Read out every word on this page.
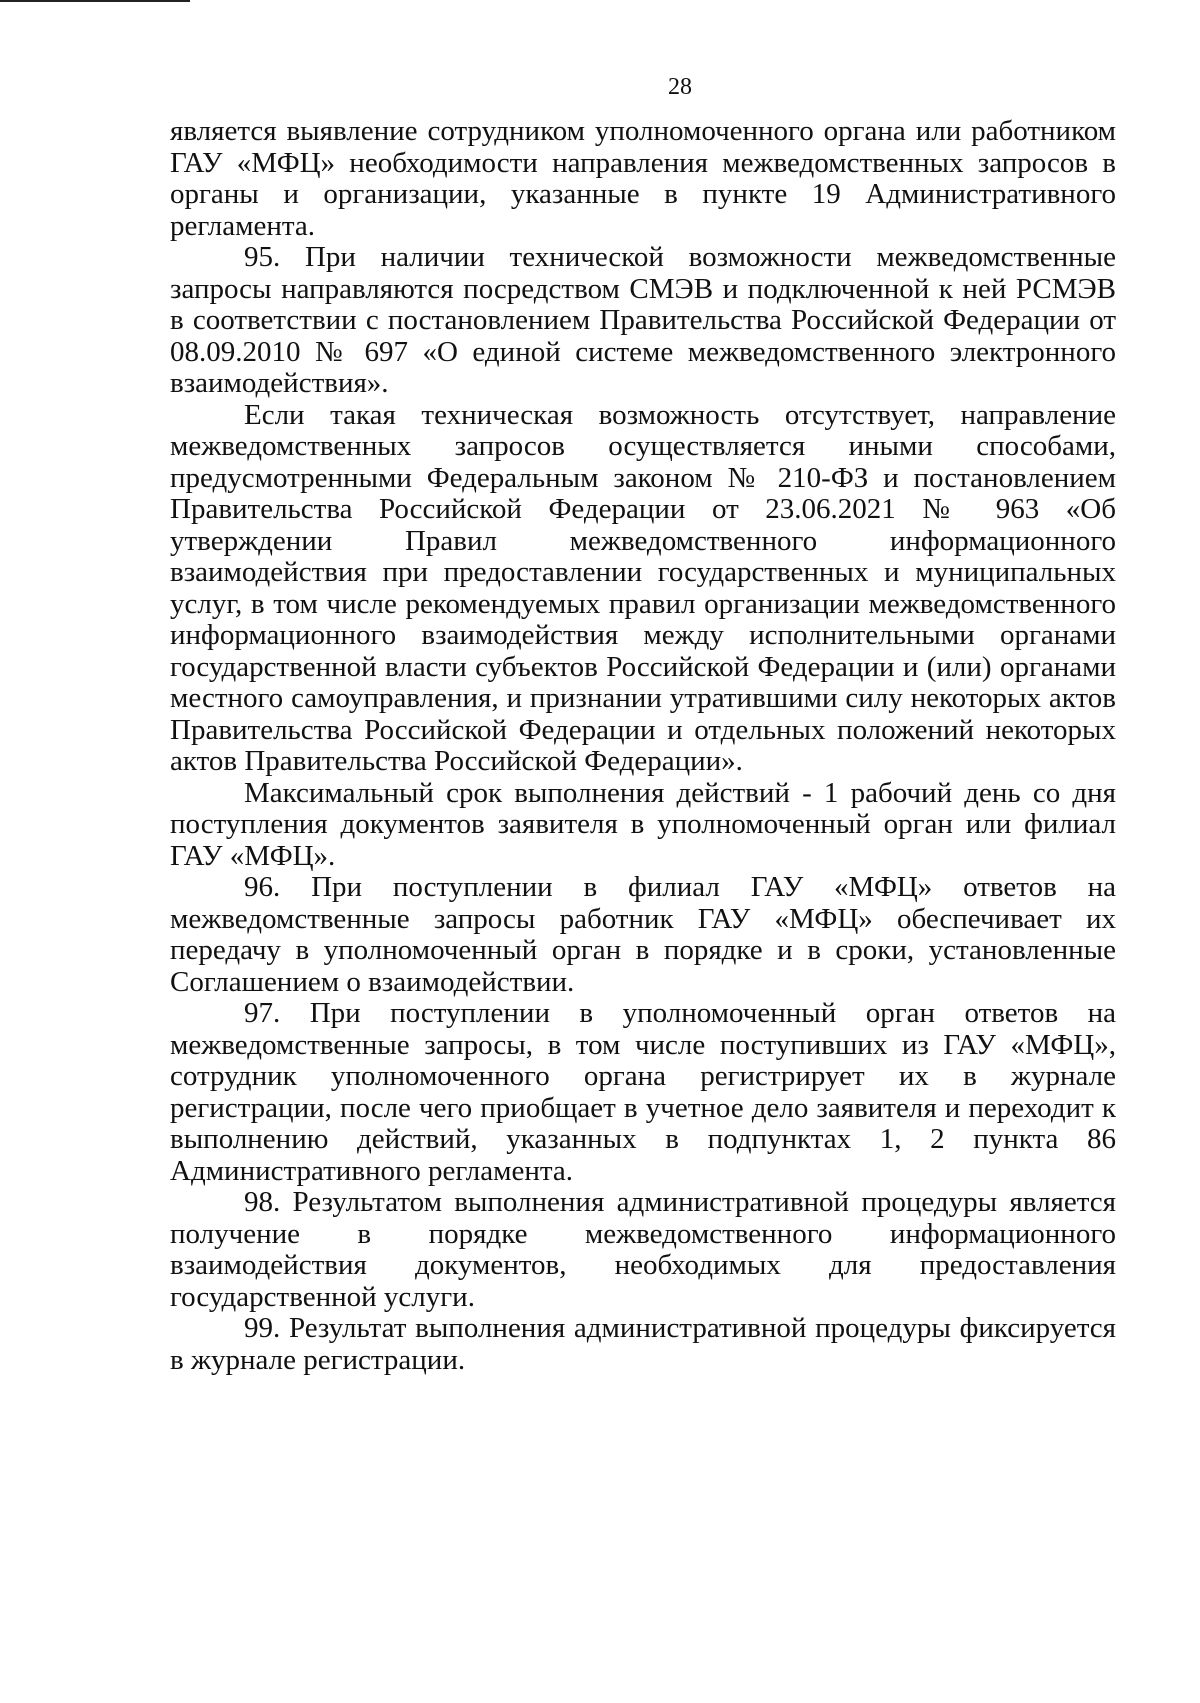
28

является выявление сотрудником уполномоченного органа или работником ГАУ «МФЦ» необходимости направления межведомственных запросов в органы и организации, указанные в пункте 19 Административного регламента.

95. При наличии технической возможности межведомственные запросы направляются посредством СМЭВ и подключенной к ней РСМЭВ в соответствии с постановлением Правительства Российской Федерации от 08.09.2010 № 697 «О единой системе межведомственного электронного взаимодействия».

Если такая техническая возможность отсутствует, направление межведомственных запросов осуществляется иными способами, предусмотренными Федеральным законом № 210-ФЗ и постановлением Правительства Российской Федерации от 23.06.2021 № 963 «Об утверждении Правил межведомственного информационного взаимодействия при предоставлении государственных и муниципальных услуг, в том числе рекомендуемых правил организации межведомственного информационного взаимодействия между исполнительными органами государственной власти субъектов Российской Федерации и (или) органами местного самоуправления, и признании утратившими силу некоторых актов Правительства Российской Федерации и отдельных положений некоторых актов Правительства Российской Федерации».

Максимальный срок выполнения действий - 1 рабочий день со дня поступления документов заявителя в уполномоченный орган или филиал ГАУ «МФЦ».

96. При поступлении в филиал ГАУ «МФЦ» ответов на межведомственные запросы работник ГАУ «МФЦ» обеспечивает их передачу в уполномоченный орган в порядке и в сроки, установленные Соглашением о взаимодействии.

97. При поступлении в уполномоченный орган ответов на межведомственные запросы, в том числе поступивших из ГАУ «МФЦ», сотрудник уполномоченного органа регистрирует их в журнале регистрации, после чего приобщает в учетное дело заявителя и переходит к выполнению действий, указанных в подпунктах 1, 2 пункта 86 Административного регламента.

98. Результатом выполнения административной процедуры является получение в порядке межведомственного информационного взаимодействия документов, необходимых для предоставления государственной услуги.

99. Результат выполнения административной процедуры фиксируется в журнале регистрации.
